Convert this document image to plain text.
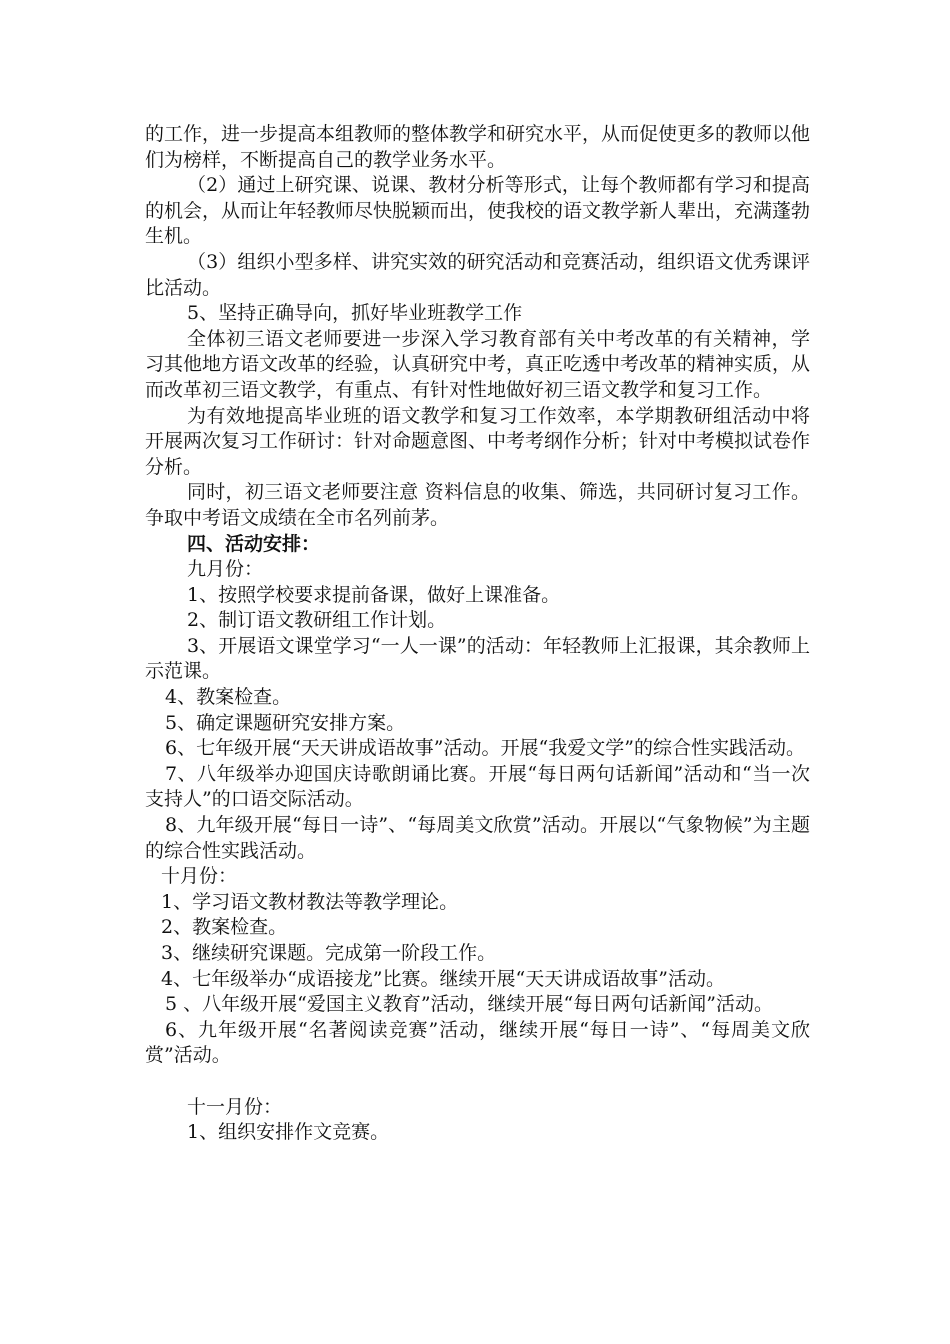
的工作，进一步提高本组教师的整体教学和研究水平，从而促使更多的教师以他们为榜样，不断提高自己的教学业务水平。

（2）通过上研究课、说课、教材分析等形式，让每个教师都有学习和提高的机会，从而让年轻教师尽快脱颖而出，使我校的语文教学新人辈出，充满蓬勃生机。

（3）组织小型多样、讲究实效的研究活动和竞赛活动，组织语文优秀课评比活动。

5、坚持正确导向，抓好毕业班教学工作

全体初三语文老师要进一步深入学习教育部有关中考改革的有关精神，学习其他地方语文改革的经验，认真研究中考，真正吃透中考改革的精神实质，从而改革初三语文教学，有重点、有针对性地做好初三语文教学和复习工作。

为有效地提高毕业班的语文教学和复习工作效率，本学期教研组活动中将开展两次复习工作研讨：针对命题意图、中考考纲作分析；针对中考模拟试卷作分析。

同时，初三语文老师要注意 资料信息的收集、筛选，共同研讨复习工作。争取中考语文成绩在全市名列前茅。

四、活动安排：

九月份：

1、按照学校要求提前备课，做好上课准备。

2、制订语文教研组工作计划。

3、开展语文课堂学习“一人一课”的活动：年轻教师上汇报课，其余教师上示范课。

4、教案检查。

5、确定课题研究安排方案。

6、七年级开展“天天讲成语故事”活动。开展“我爱文学”的综合性实践活动。

7、八年级举办迎国庆诗歌朗诵比赛。开展“每日两句话新闻”活动和“当一次支持人”的口语交际活动。

8、九年级开展“每日一诗”、“每周美文欣赏”活动。开展以“气象物候”为主题的综合性实践活动。

十月份：

1、学习语文教材教法等教学理论。

2、教案检查。

3、继续研究课题。完成第一阶段工作。

4、七年级举办“成语接龙”比赛。继续开展“天天讲成语故事”活动。

5 、八年级开展“爱国主义教育”活动，继续开展“每日两句话新闻”活动。

6、九年级开展“名著阅读竞赛”活动，继续开展“每日一诗”、“每周美文欣赏”活动。

十一月份：

1、组织安排作文竞赛。
